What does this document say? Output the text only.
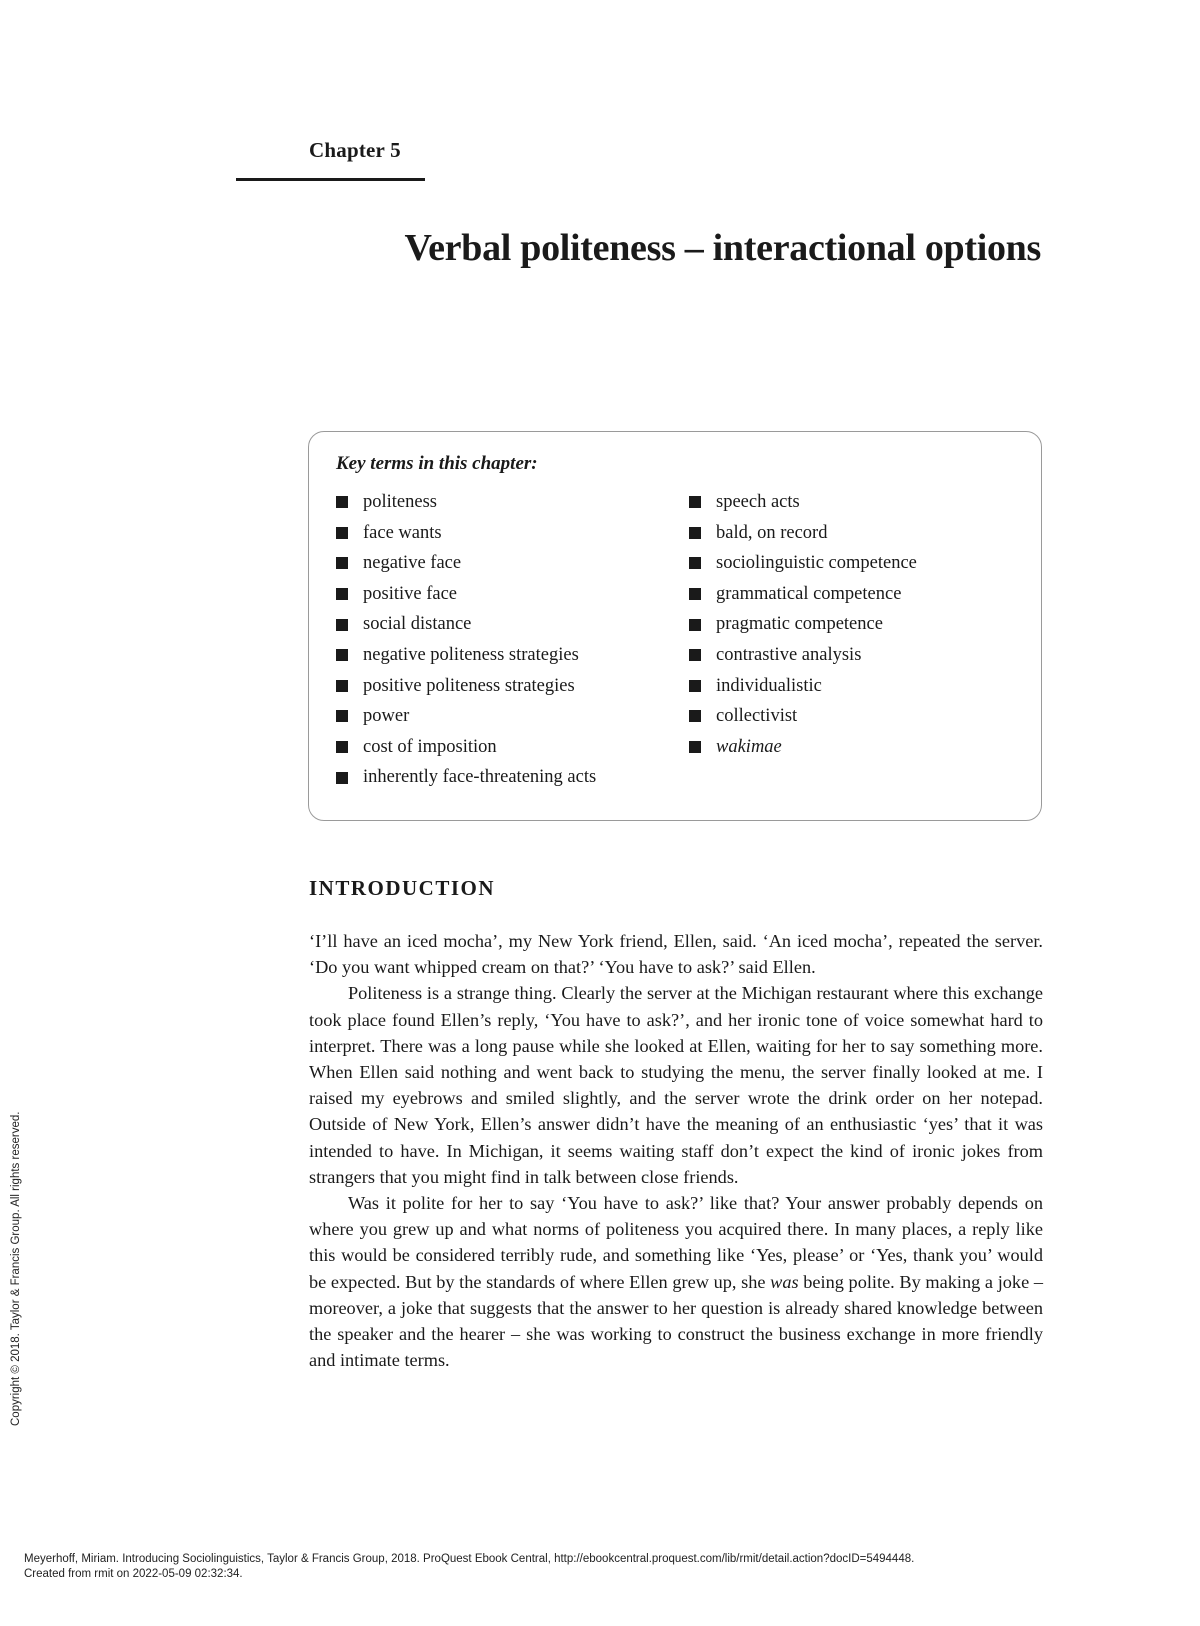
Chapter 5
Verbal politeness – interactional options
Key terms in this chapter:
politeness
face wants
negative face
positive face
social distance
negative politeness strategies
positive politeness strategies
power
cost of imposition
inherently face-threatening acts
speech acts
bald, on record
sociolinguistic competence
grammatical competence
pragmatic competence
contrastive analysis
individualistic
collectivist
wakimae
INTRODUCTION

‘I’ll have an iced mocha’, my New York friend, Ellen, said. ‘An iced mocha’, repeated the server. ‘Do you want whipped cream on that?’ ‘You have to ask?’ said Ellen.

Politeness is a strange thing. Clearly the server at the Michigan restaurant where this exchange took place found Ellen’s reply, ‘You have to ask?’, and her ironic tone of voice somewhat hard to interpret. There was a long pause while she looked at Ellen, waiting for her to say something more. When Ellen said nothing and went back to studying the menu, the server finally looked at me. I raised my eyebrows and smiled slightly, and the server wrote the drink order on her notepad. Outside of New York, Ellen’s answer didn’t have the meaning of an enthusiastic ‘yes’ that it was intended to have. In Michigan, it seems waiting staff don’t expect the kind of ironic jokes from strangers that you might find in talk between close friends.

Was it polite for her to say ‘You have to ask?’ like that? Your answer probably depends on where you grew up and what norms of politeness you acquired there. In many places, a reply like this would be considered terribly rude, and something like ‘Yes, please’ or ‘Yes, thank you’ would be expected. But by the standards of where Ellen grew up, she was being polite. By making a joke – moreover, a joke that suggests that the answer to her question is already shared knowledge between the speaker and the hearer – she was working to construct the business exchange in more friendly and intimate terms.

Copyright © 2018. Taylor & Francis Group. All rights reserved.
Meyerhoff, Miriam. Introducing Sociolinguistics, Taylor & Francis Group, 2018. ProQuest Ebook Central, http://ebookcentral.proquest.com/lib/rmit/detail.action?docID=5494448.
Created from rmit on 2022-05-09 02:32:34.
